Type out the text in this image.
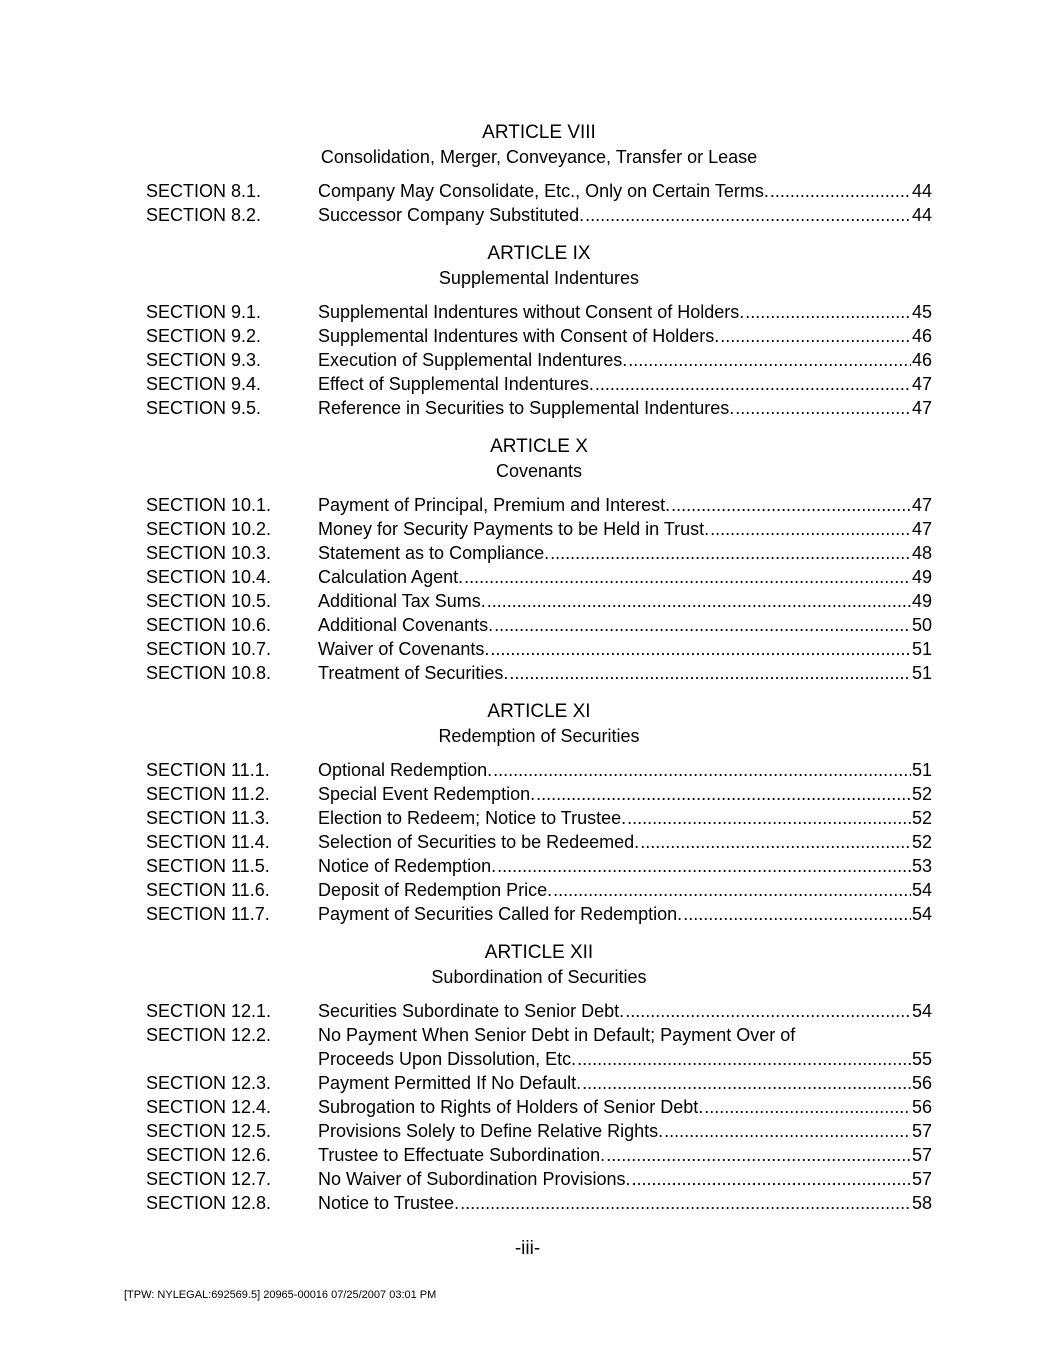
ARTICLE VIII
Consolidation, Merger, Conveyance, Transfer or Lease
SECTION 8.1.	Company May Consolidate, Etc., Only on Certain Terms. .....	44
SECTION 8.2.	Successor Company Substituted. .....	44
ARTICLE IX
Supplemental Indentures
SECTION 9.1.	Supplemental Indentures without Consent of Holders. .....	45
SECTION 9.2.	Supplemental Indentures with Consent of Holders. .....	46
SECTION 9.3.	Execution of Supplemental Indentures. .....	46
SECTION 9.4.	Effect of Supplemental Indentures. .....	47
SECTION 9.5.	Reference in Securities to Supplemental Indentures. .....	47
ARTICLE X
Covenants
SECTION 10.1.	Payment of Principal, Premium and Interest. .....	47
SECTION 10.2.	Money for Security Payments to be Held in Trust. .....	47
SECTION 10.3.	Statement as to Compliance. .....	48
SECTION 10.4.	Calculation Agent. .....	49
SECTION 10.5.	Additional Tax Sums. .....	49
SECTION 10.6.	Additional Covenants. .....	50
SECTION 10.7.	Waiver of Covenants. .....	51
SECTION 10.8.	Treatment of Securities. .....	51
ARTICLE XI
Redemption of Securities
SECTION 11.1.	Optional Redemption. .....	51
SECTION 11.2.	Special Event Redemption. .....	52
SECTION 11.3.	Election to Redeem; Notice to Trustee. .....	52
SECTION 11.4.	Selection of Securities to be Redeemed. .....	52
SECTION 11.5.	Notice of Redemption. .....	53
SECTION 11.6.	Deposit of Redemption Price. .....	54
SECTION 11.7.	Payment of Securities Called for Redemption. .....	54
ARTICLE XII
Subordination of Securities
SECTION 12.1.	Securities Subordinate to Senior Debt. .....	54
SECTION 12.2.	No Payment When Senior Debt in Default; Payment Over of
Proceeds Upon Dissolution, Etc. .....	55
SECTION 12.3.	Payment Permitted If No Default. .....	56
SECTION 12.4.	Subrogation to Rights of Holders of Senior Debt. .....	56
SECTION 12.5.	Provisions Solely to Define Relative Rights. .....	57
SECTION 12.6.	Trustee to Effectuate Subordination. .....	57
SECTION 12.7.	No Waiver of Subordination Provisions. .....	57
SECTION 12.8.	Notice to Trustee. .....	58
-iii-
[TPW: NYLEGAL:692569.5] 20965-00016 07/25/2007 03:01 PM
